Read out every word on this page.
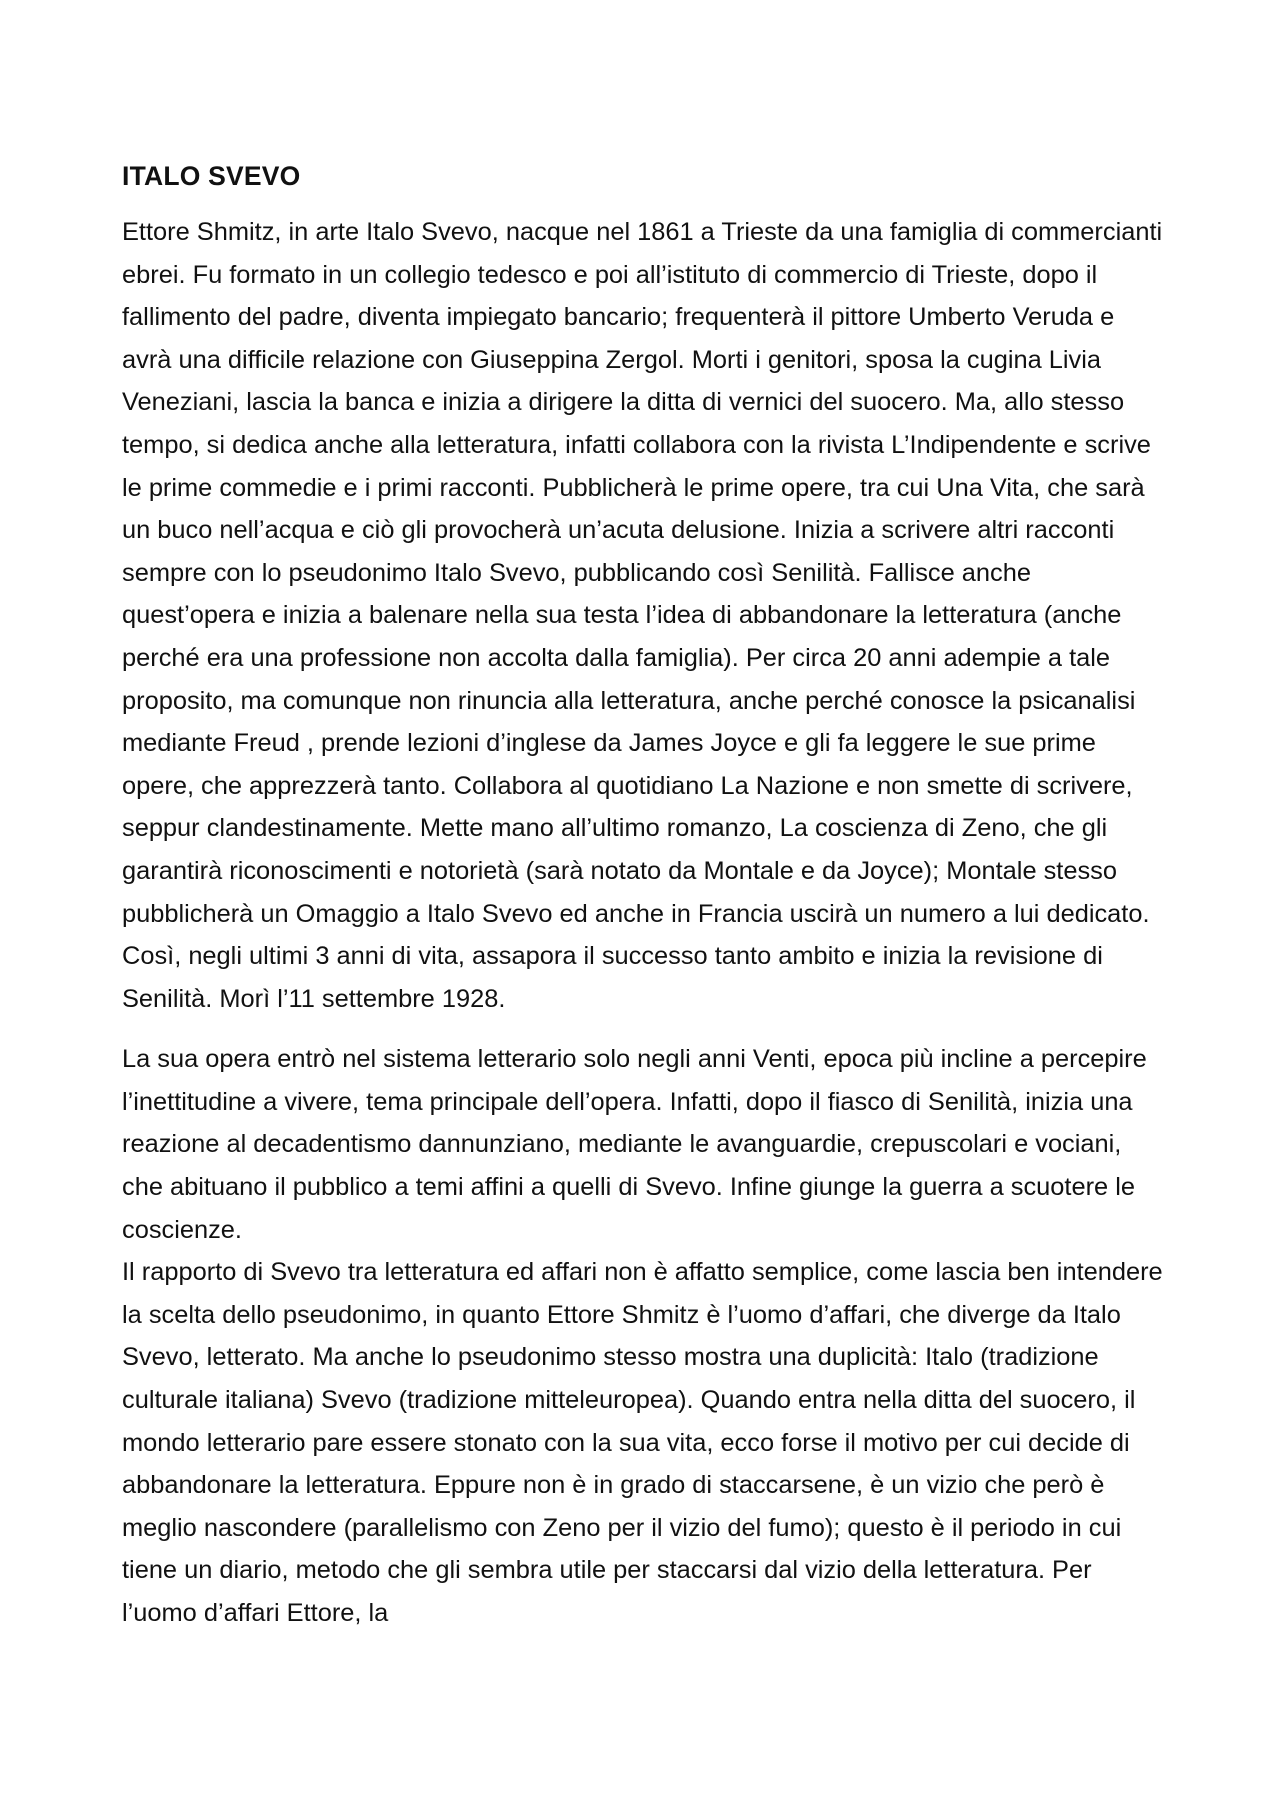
ITALO SVEVO

Ettore Shmitz, in arte Italo Svevo, nacque nel 1861 a Trieste da una famiglia di commercianti ebrei. Fu formato in un collegio tedesco e poi all’istituto di commercio di Trieste, dopo il fallimento del padre, diventa impiegato bancario; frequenterà il pittore Umberto Veruda e avrà una difficile relazione con Giuseppina Zergol. Morti i genitori, sposa la cugina Livia Veneziani, lascia la banca e inizia a dirigere la ditta di vernici del suocero. Ma, allo stesso tempo, si dedica anche alla letteratura, infatti collabora con la rivista L’Indipendente e scrive le prime commedie e i primi racconti. Pubblicherà le prime opere, tra cui Una Vita, che sarà un buco nell’acqua e ciò gli provocherà un’acuta delusione. Inizia a scrivere altri racconti sempre con lo pseudonimo Italo Svevo, pubblicando così Senilità. Fallisce anche quest’opera e inizia a balenare nella sua testa l’idea di abbandonare la letteratura (anche perché era una professione non accolta dalla famiglia). Per circa 20 anni adempie a tale proposito, ma comunque non rinuncia alla letteratura, anche perché conosce la psicanalisi mediante Freud , prende lezioni d’inglese da James Joyce e gli fa leggere le sue prime opere, che apprezzerà tanto. Collabora al quotidiano La Nazione e non smette di scrivere, seppur clandestinamente. Mette mano all’ultimo romanzo, La coscienza di Zeno, che gli garantirà riconoscimenti e notorietà (sarà notato da Montale e da Joyce); Montale stesso pubblicherà un Omaggio a Italo Svevo ed anche in Francia uscirà un numero a lui dedicato. Così, negli ultimi 3 anni di vita, assapora il successo tanto ambito e inizia la revisione di Senilità. Morì l’11 settembre 1928.

La sua opera entrò nel sistema letterario solo negli anni Venti, epoca più incline a percepire l’inettitudine a vivere, tema principale dell’opera. Infatti, dopo il fiasco di Senilità, inizia una reazione al decadentismo dannunziano, mediante le avanguardie, crepuscolari e vociani, che abituano il pubblico a temi affini a quelli di Svevo. Infine giunge la guerra a scuotere le coscienze.

Il rapporto di Svevo tra letteratura ed affari non è affatto semplice, come lascia ben intendere la scelta dello pseudonimo, in quanto Ettore Shmitz è l’uomo d’affari, che diverge da Italo Svevo, letterato. Ma anche lo pseudonimo stesso mostra una duplicità: Italo (tradizione culturale italiana) Svevo (tradizione mitteleuropea). Quando entra nella ditta del suocero, il mondo letterario pare essere stonato con la sua vita, ecco forse il motivo per cui decide di abbandonare la letteratura. Eppure non è in grado di staccarsene, è un vizio che però è meglio nascondere (parallelismo con Zeno per il vizio del fumo); questo è il periodo in cui tiene un diario, metodo che gli sembra utile per staccarsi dal vizio della letteratura. Per l’uomo d’affari Ettore, la
